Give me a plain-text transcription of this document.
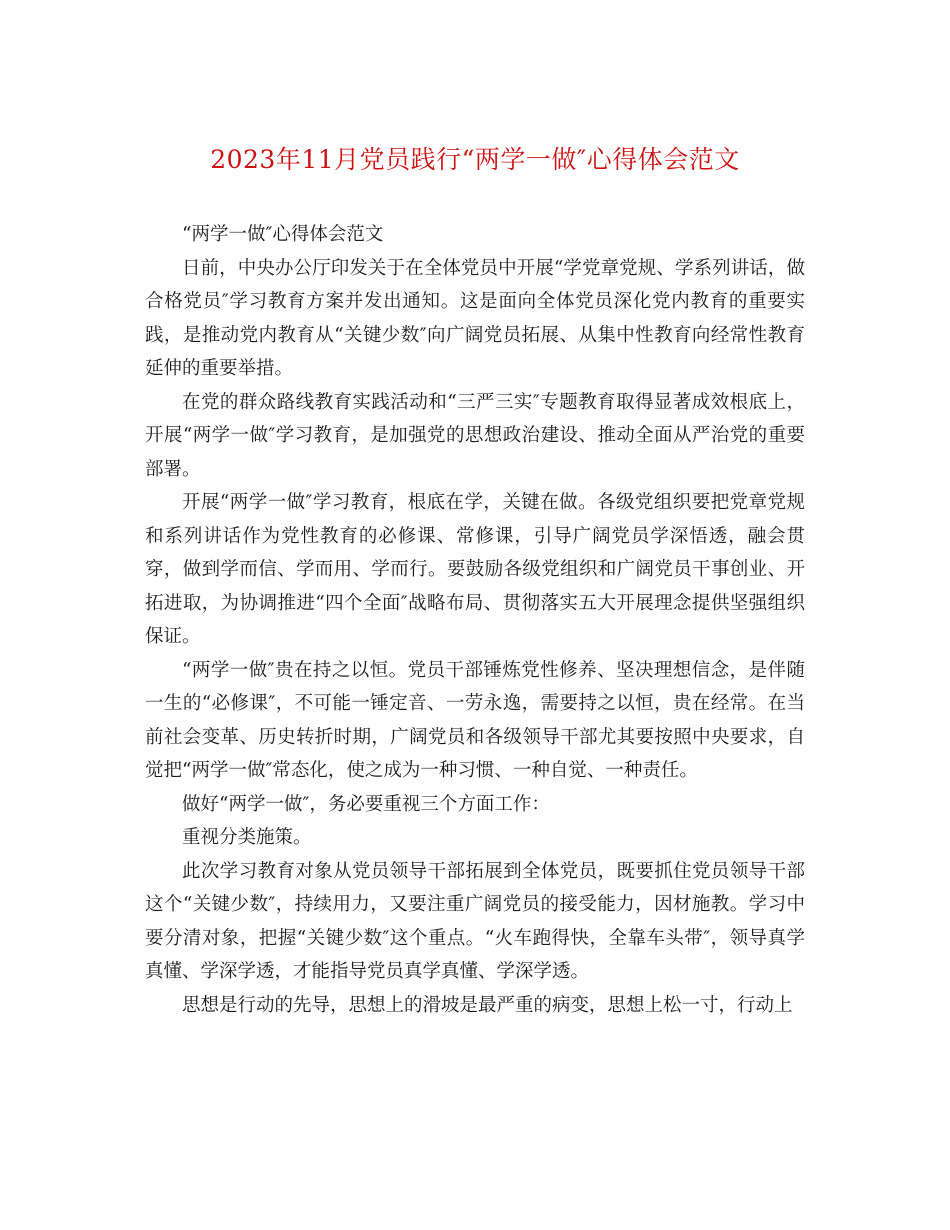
2023年11月党员践行“两学一做″心得体会范文

“两学一做″心得体会范文

日前，中央办公厅印发关于在全体党员中开展“学党章党规、学系列讲话，做合格党员″学习教育方案并发出通知。这是面向全体党员深化党内教育的重要实践，是推动党内教育从“关键少数″向广阔党员拓展、从集中性教育向经常性教育延伸的重要举措。

在党的群众路线教育实践活动和“三严三实″专题教育取得显著成效根底上，开展“两学一做″学习教育，是加强党的思想政治建设、推动全面从严治党的重要部署。

开展“两学一做″学习教育，根底在学，关键在做。各级党组织要把党章党规和系列讲话作为党性教育的必修课、常修课，引导广阔党员学深悟透，融会贯穿，做到学而信、学而用、学而行。要鼓励各级党组织和广阔党员干事创业、开拓进取，为协调推进“四个全面″战略布局、贯彻落实五大开展理念提供坚强组织保证。

“两学一做″贵在持之以恒。党员干部锤炼党性修养、坚决理想信念，是伴随一生的“必修课″，不可能一锤定音、一劳永逸，需要持之以恒，贵在经常。在当前社会变革、历史转折时期，广阔党员和各级领导干部尤其要按照中央要求，自觉把“两学一做″常态化，使之成为一种习惯、一种自觉、一种责任。

做好“两学一做″，务必要重视三个方面工作：

重视分类施策。

此次学习教育对象从党员领导干部拓展到全体党员，既要抓住党员领导干部这个“关键少数″，持续用力，又要注重广阔党员的接受能力，因材施教。学习中要分清对象，把握“关键少数″这个重点。“火车跑得快，全靠车头带″，领导真学真懂、学深学透，才能指导党员真学真懂、学深学透。

思想是行动的先导，思想上的滑坡是最严重的病变，思想上松一寸，行动上
